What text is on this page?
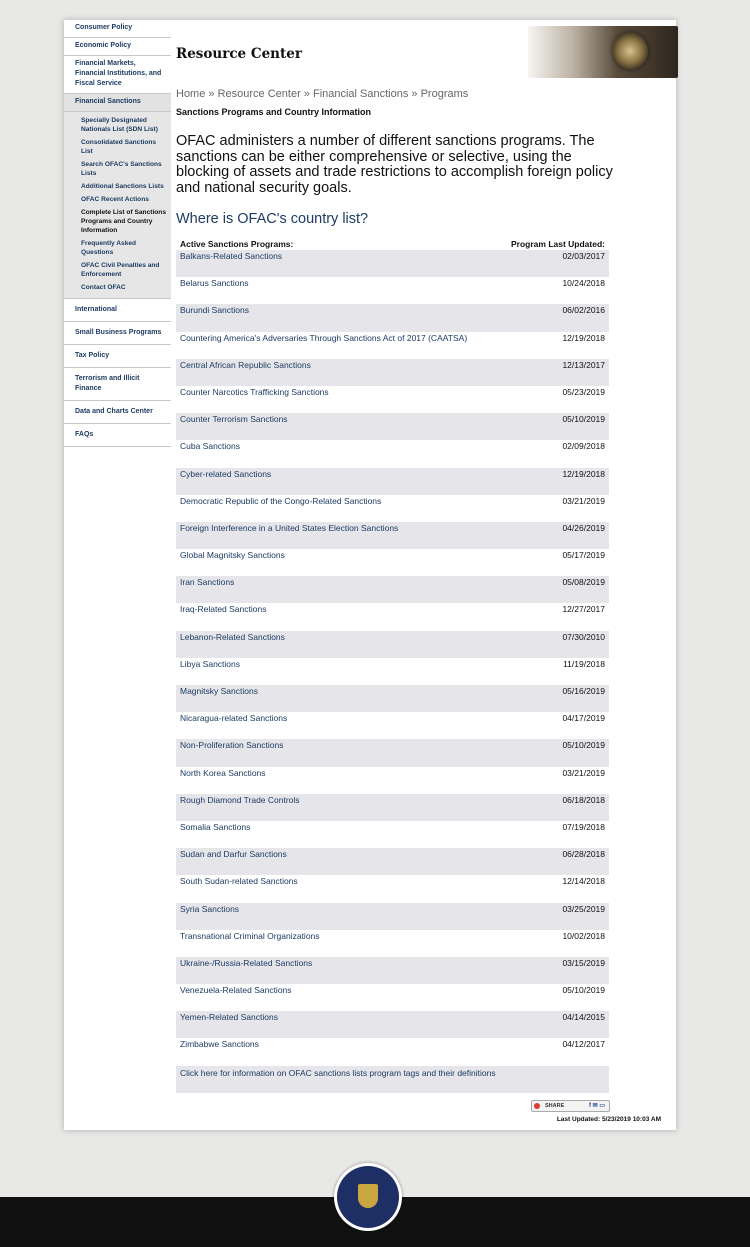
Consumer Policy
Economic Policy
Financial Markets, Financial Institutions, and Fiscal Service
Financial Sanctions
Specially Designated Nationals List (SDN List)
Consolidated Sanctions List
Search OFAC's Sanctions Lists
Additional Sanctions Lists
OFAC Recent Actions
Complete List of Sanctions Programs and Country Information
Frequently Asked Questions
OFAC Civil Penalties and Enforcement
Contact OFAC
International
Small Business Programs
Tax Policy
Terrorism and Illicit Finance
Data and Charts Center
FAQs
Resource Center
Home » Resource Center » Financial Sanctions » Programs
Sanctions Programs and Country Information
OFAC administers a number of different sanctions programs. The sanctions can be either comprehensive or selective, using the blocking of assets and trade restrictions to accomplish foreign policy and national security goals.
Where is OFAC's country list?
Active Sanctions Programs:	Program Last Updated:
Balkans-Related Sanctions	02/03/2017
Belarus Sanctions	10/24/2018
Burundi Sanctions	06/02/2016
Countering America's Adversaries Through Sanctions Act of 2017 (CAATSA)	12/19/2018
Central African Republic Sanctions	12/13/2017
Counter Narcotics Trafficking Sanctions	05/23/2019
Counter Terrorism Sanctions	05/10/2019
Cuba Sanctions	02/09/2018
Cyber-related Sanctions	12/19/2018
Democratic Republic of the Congo-Related Sanctions	03/21/2019
Foreign Interference in a United States Election Sanctions	04/26/2019
Global Magnitsky Sanctions	05/17/2019
Iran Sanctions	05/08/2019
Iraq-Related Sanctions	12/27/2017
Lebanon-Related Sanctions	07/30/2010
Libya Sanctions	11/19/2018
Magnitsky Sanctions	05/16/2019
Nicaragua-related Sanctions	04/17/2019
Non-Proliferation Sanctions	05/10/2019
North Korea Sanctions	03/21/2019
Rough Diamond Trade Controls	06/18/2018
Somalia Sanctions	07/19/2018
Sudan and Darfur Sanctions	06/28/2018
South Sudan-related Sanctions	12/14/2018
Syria Sanctions	03/25/2019
Transnational Criminal Organizations	10/02/2018
Ukraine-/Russia-Related Sanctions	03/15/2019
Venezuela-Related Sanctions	05/10/2019
Yemen-Related Sanctions	04/14/2015
Zimbabwe Sanctions	04/12/2017
Click here for information on OFAC sanctions lists program tags and their definitions
SHARE	f ✉ ▭
Last Updated: 5/23/2019 10:03 AM
